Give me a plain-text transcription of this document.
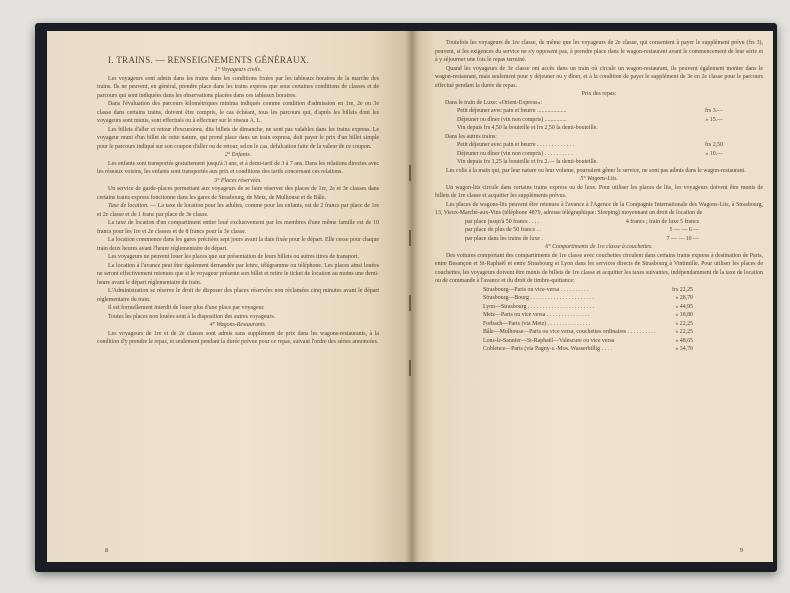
I. TRAINS. — RENSEIGNEMENTS GÉNÉRAUX.

1° Voyageurs civils.

Les voyageurs sont admis dans les trains dans les conditions fixées par les tableaux horaires de la marche des trains. Ils ne peuvent, en général, prendre place dans les trains express que sous certaines conditions de classes et de parcours qui sont indiquées dans les observations placées dans ces tableaux horaires.

Dans l'évaluation des parcours kilométriques minima indiqués comme condition d'admission en 1re, 2e ou 3e classe dans certains trains, doivent être compris, le cas échéant, tous les parcours qui, d'après les billets dont les voyageurs sont munis, sont effectués ou à effectuer sur le réseau A. L.

Les billets d'aller et retour d'excursions, dits billets de dimanche, ne sont pas valables dans les trains express. Le voyageur muni d'un billet de cette nature, qui prend place dans un train express, doit payer le prix d'un billet simple pour le parcours indiqué sur son coupon d'aller ou de retour, selon le cas, défalcation faite de la valeur de ce coupon.

2° Enfants.

Les enfants sont transportés gratuitement jusqu'à 3 ans, et à demi-tarif de 3 à 7 ans. Dans les relations directes avec les réseaux voisins, les enfants sont transportés aux prix et conditions des tarifs concernant ces relations.

3° Places réservées.

Un service de garde-places permettant aux voyageurs de se faire réserver des places de 1re, 2e et 3e classes dans certains trains express fonctionne dans les gares de Strasbourg, de Metz, de Mulhouse et de Bâle.

Taxe de location. — La taxe de location pour les adultes, comme pour les enfants, est de 2 francs par place de 1re et 2e classe et de 1 franc par place de 3e classe.

La taxe de location d'un compartiment entier loué exclusivement par les membres d'une même famille est de 10 francs pour les 1re et 2e classes et de 8 francs pour la 3e classe.

La location commence dans les gares précitées sept jours avant la date fixée pour le départ. Elle cesse pour chaque train deux heures avant l'heure réglementaire de départ.

Les voyageurs ne peuvent louer les places que sur présentation de leurs billets ou autres titres de transport.

La location à l'avance peut être également demandée par lettre, télégramme ou téléphone. Les places ainsi louées ne seront effectivement retenues que si le voyageur présente son billet et retire le ticket de location au moins une demi-heure avant le départ réglementaire du train.

L'Administration se réserve le droit de disposer des places réservées non réclamées cinq minutes avant le départ réglementaire du train.

Il est formellement interdit de louer plus d'une place par voyageur.

Toutes les places non louées sont à la disposition des autres voyageurs.

4° Wagons-Restaurants.

Les voyageurs de 1re et de 2e classes sont admis sans supplément de prix dans les wagons-restaurants, à la condition d'y prendre le repas, et seulement pendant la durée prévue pour ce repas, suivant l'ordre des séries annoncées.

8

Toutefois les voyageurs de 1re classe, de même que les voyageurs de 2e classe, qui consentent à payer le supplément prévu (frs 3), peuvent, si les exigences du service ne s'y opposent pas, à prendre place dans le wagon-restaurant avant le commencement de leur série et à y séjourner une fois le repas terminé.

Quand les voyageurs de 3e classe ont accès dans un train où circule un wagon-restaurant, ils peuvent également monter dans le wagon-restaurant, mais seulement pour y déjeuner ou y dîner, et à la condition de payer le supplément de 3e en 2e classe pour le parcours effectué pendant la durée du repas.

Prix des repas:

Dans le train de Luxe: «Orient-Express»:

Petit déjeuner avec pain et beurre ....................	frs 3.—
Déjeuner ou dîner (vin non compris) ...............	» 15.—

Vin depuis frs 4,50 la bouteille et frs 2,50 la demi-bouteille.

Dans les autres trains:

Petit déjeuner avec pain et beurre . . . . . . . . . . . . .	frs 2,50
Déjeuner ou dîner (vin non compris) . . . . . . . . . .	» 10.—

Vin depuis frs 3,25 la bouteille et frs 2.— la demi-bouteille.

Les colis à la main qui, par leur nature ou leur volume, pourraient gêner le service, ne sont pas admis dans le wagon-restaurant.

5° Wagons-Lits.

Un wagon-lits circule dans certains trains express ou de luxe. Pour utiliser les places de lits, les voyageurs doivent être munis de billets de 1re classe et acquitter les suppléments prévus.

Les places de wagons-lits peuvent être retenues à l'avance à l'Agence de la Compagnie Internationale des Wagons-Lits, à Strasbourg, 13, Vieux-Marché-aux-Vins (téléphone 4879, adresse télégraphique: Sleeping) moyennant un droit de location de

par place jusqu'à 50 francs . . . .	4 francs ; train de luxe 5 francs
par place de plus de 50 francs . .	5 — — 6 —
par place dans les trains de luxe .	7 — — 10 —

6° Compartiments de 1re classe à couchettes.

Des voitures comportant des compartiments de 1re classe avec couchettes circulent dans certains trains express à destination de Paris, entre Besançon et St-Raphaël et entre Strasbourg et Lyon dans les services directs de Strasbourg à Vintimille. Pour utiliser les places de couchettes, les voyageurs doivent être munis de billets de 1re classe et acquitter les taxes suivantes, indépendamment de la taxe de location ou de commande à l'avance et du droit de timbre-quittance:

Strasbourg—Paris ou vice-versa . . . . . . . . . .	frs 22,25
Strasbourg—Bourg . . . . . . . . . . . . . . . . . . . . . .	» 28,70
Lyon—Strasbourg . . . . . . . . . . . . . . . . . . . . . . .	» 44,95
Metz—Paris ou vice versa . . . . . . . . . . . . . . .	» 18,80
Forbach—Paris (via Metz) . . . . . . . . . . . . . . .	» 22,25
Bâle—Mulhouse—Paris ou vice versa, couchettes ordinaires . . . . . . . . . .	» 22,25
Lons-le-Saunier—St-Raphaël—Valescure ou vice versa	» 48,65
Coblence—Paris (via Pagny-s.-Mos. Wasserbillig . . . .	» 34,70
9
